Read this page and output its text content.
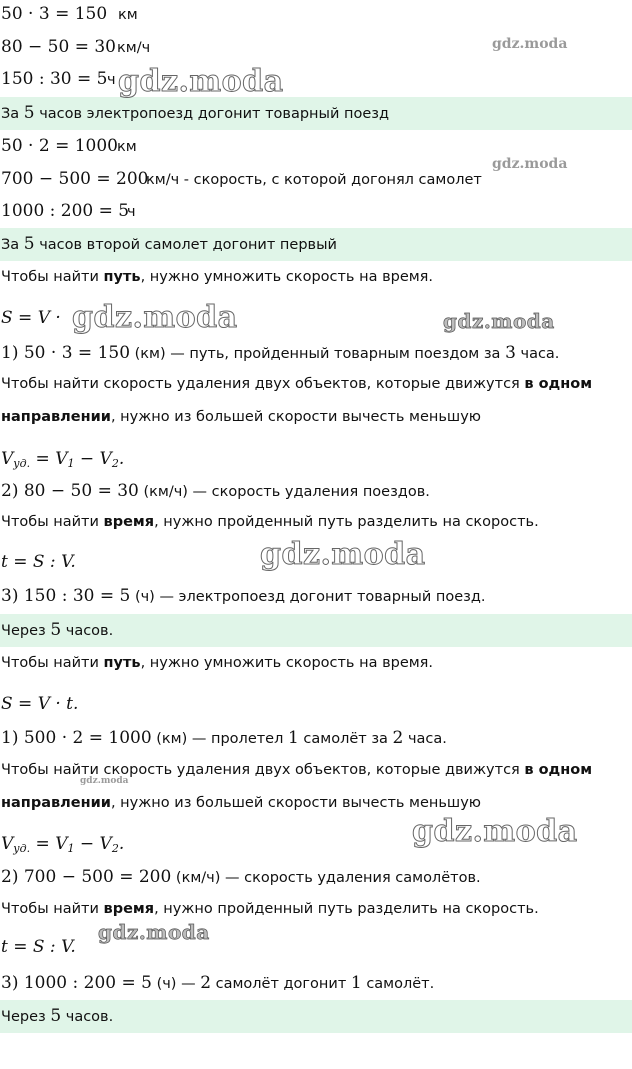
50 · 3 = 150 км
80 − 50 = 30 км/ч
150 : 30 = 5 ч
За 5 часов электропоезд догонит товарный поезд
50 · 2 = 1000 км
700 − 500 = 200
км/ч - скорость, с которой догонял самолет
1000 : 200 = 5
ч
За 5 часов второй самолет догонит первый
Чтобы найти путь, нужно умножить скорость на время.
S = V ·
1) 50 · 3 = 150 (км) — путь, пройденный товарным поездом за 3 часа.
Чтобы найти скорость удаления двух объектов, которые движутся в одном
направлении, нужно из большей скорости вычесть меньшую
$V_{уд.} = V_1 - V_2$.
2) 80 − 50 = 30 (км/ч) — скорость удаления поездов.
Чтобы найти время, нужно пройденный путь разделить на скорость.
t = S : V.
3) 150 : 30 = 5 (ч) — электропоезд догонит товарный поезд.
Через 5 часов.
Чтобы найти путь, нужно умножить скорость на время.
S = V · t.
1) 500 · 2 = 1000 (км) — пролетел 1 самолёт за 2 часа.
Чтобы найти скорость удаления двух объектов, которые движутся в одном
направлении, нужно из большей скорости вычесть меньшую
$V_{уд.} = V_1 - V_2$.
2) 700 − 500 = 200 (км/ч) — скорость удаления самолётов.
Чтобы найти время, нужно пройденный путь разделить на скорость.
t = S : V.
3) 1000 : 200 = 5 (ч) — 2 самолёт догонит 1 самолёт.
Через 5 часов.
gdz.moda
gdz.moda
gdz.moda
gdz.moda	gdz.moda
gdz.moda
gdz.moda
gdz.moda
gdz.moda
